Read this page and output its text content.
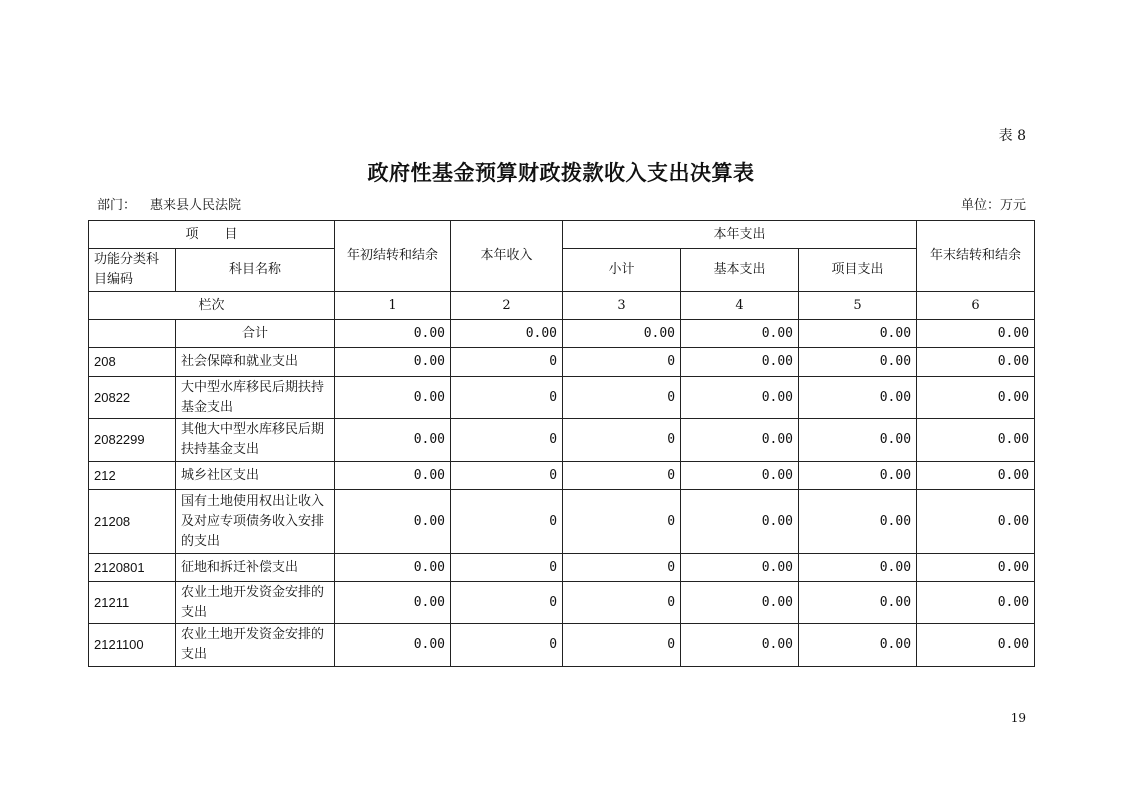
表 8
政府性基金预算财政拨款收入支出决算表
部门： 惠来县人民法院	单位：万元
项　　目		年初结转和结余	本年收入	本年支出			年末结转和结余
功能分类科目编码	科目名称			小计	基本支出	项目支出	
栏次		1	2	3	4	5	6
	合计	0.00	0.00	0.00	0.00	0.00	0.00
208	社会保障和就业支出	0.00	0	0	0.00	0.00	0.00
20822	大中型水库移民后期扶持基金支出	0.00	0	0	0.00	0.00	0.00
2082299	其他大中型水库移民后期扶持基金支出	0.00	0	0	0.00	0.00	0.00
212	城乡社区支出	0.00	0	0	0.00	0.00	0.00
21208	国有土地使用权出让收入及对应专项债务收入安排的支出	0.00	0	0	0.00	0.00	0.00
2120801	征地和拆迁补偿支出	0.00	0	0	0.00	0.00	0.00
21211	农业土地开发资金安排的支出	0.00	0	0	0.00	0.00	0.00
2121100	农业土地开发资金安排的支出	0.00	0	0	0.00	0.00	0.00
19
